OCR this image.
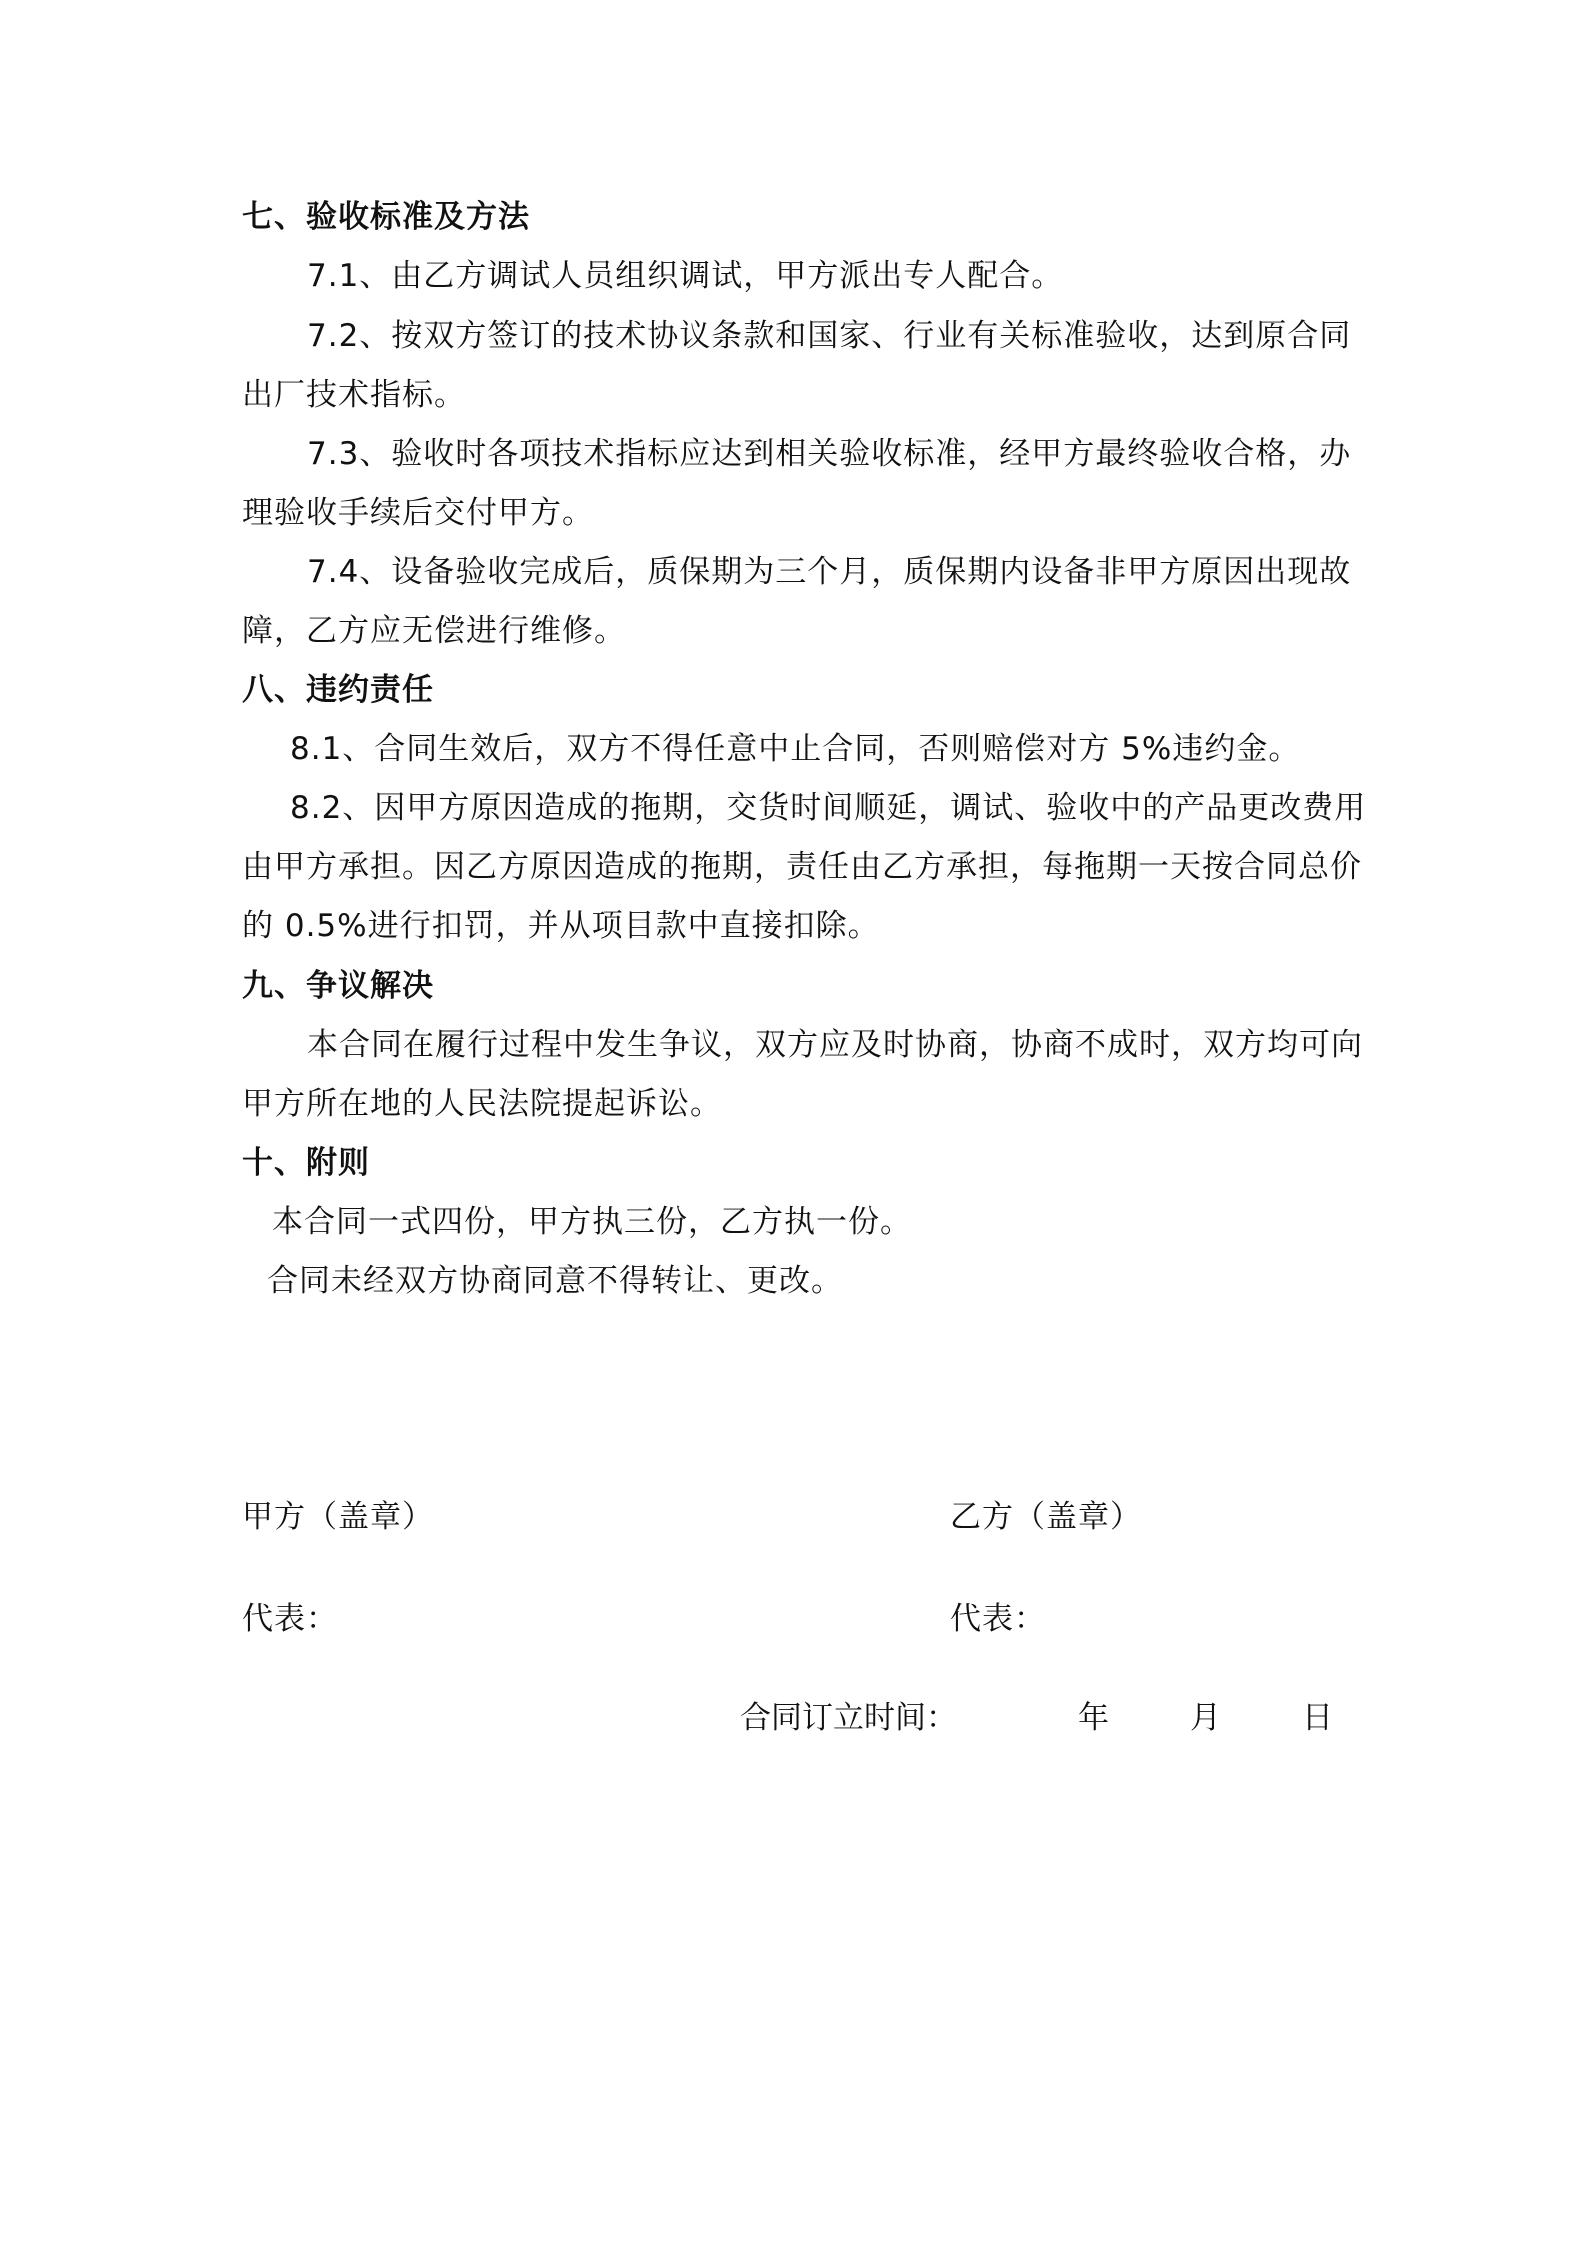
七、验收标准及方法
7.1、由乙方调试人员组织调试，甲方派出专人配合。
7.2、按双方签订的技术协议条款和国家、行业有关标准验收，达到原合同
出厂技术指标。
7.3、验收时各项技术指标应达到相关验收标准，经甲方最终验收合格，办
理验收手续后交付甲方。
7.4、设备验收完成后，质保期为三个月，质保期内设备非甲方原因出现故
障，乙方应无偿进行维修。
八、违约责任
8.1、合同生效后，双方不得任意中止合同，否则赔偿对方 5%违约金。
8.2、因甲方原因造成的拖期，交货时间顺延，调试、验收中的产品更改费用
由甲方承担。因乙方原因造成的拖期，责任由乙方承担，每拖期一天按合同总价
的 0.5%进行扣罚，并从项目款中直接扣除。
九、争议解决
本合同在履行过程中发生争议，双方应及时协商，协商不成时，双方均可向
甲方所在地的人民法院提起诉讼。
十、附则
本合同一式四份，甲方执三份，乙方执一份。
合同未经双方协商同意不得转让、更改。
甲方（盖章）	乙方（盖章）
代表：	代表：
合同订立时间：	年	月	日
